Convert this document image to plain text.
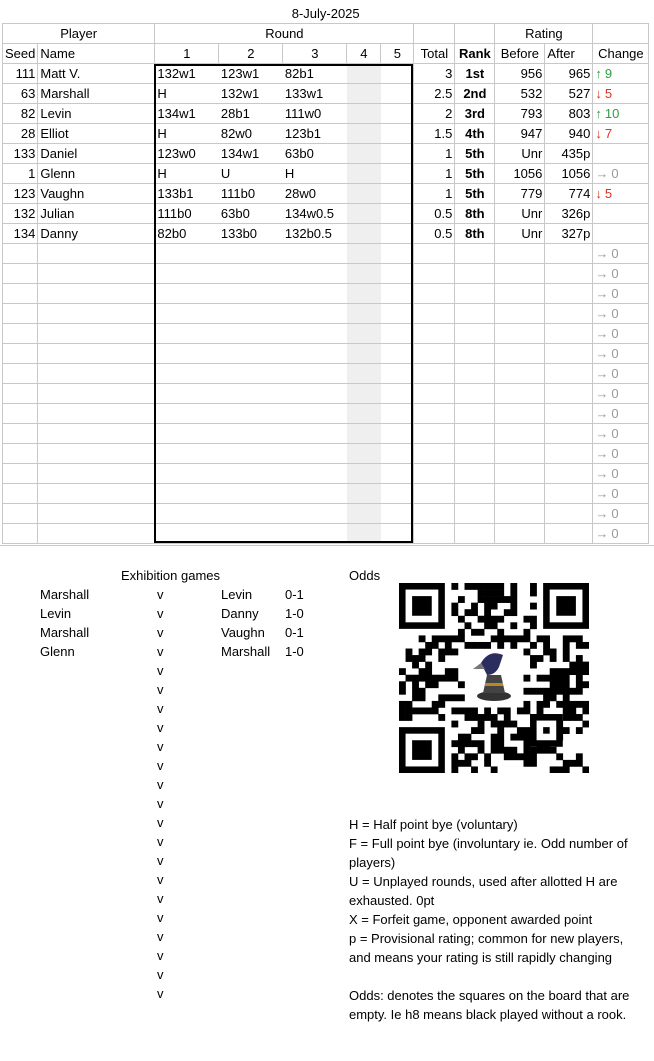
8-July-2025											
Player		Round							Rating		
Seed	Name	1	2	3	4	5	Total	Rank	Before	After	Change
111	Matt V.	132w1	123w1	82b1			3	1st	956	965	↑ 9
63	Marshall	H	132w1	133w1			2.5	2nd	532	527	↓ 5
82	Levin	134w1	28b1	111w0			2	3rd	793	803	↑ 10
28	Elliot	H	82w0	123b1			1.5	4th	947	940	↓ 7
133	Daniel	123w0	134w1	63b0			1	5th	Unr	435p	
1	Glenn	H	U	H			1	5th	1056	1056	→ 0
123	Vaughn	133b1	111b0	28w0			1	5th	779	774	↓ 5
132	Julian	111b0	63b0	134w0.5			0.5	8th	Unr	326p	
134	Danny	82b0	133b0	132b0.5			0.5	8th	Unr	327p	
											→ 0
											→ 0
											→ 0
											→ 0
											→ 0
											→ 0
											→ 0
											→ 0
											→ 0
											→ 0
											→ 0
											→ 0
											→ 0
											→ 0
											→ 0
Exhibition games	Odds
Marshall	v	Levin	0-1
Levin	v	Danny 1-0
Marshall	v	Vaughn 0-1
Glenn	v	Marshall 1-0
v
v
v
v
v
v
v
v
v
v
v
v
v
v
v
v
v
v

H = Half point bye (voluntary)

F = Full point bye (involuntary ie. Odd number of players)

U = Unplayed rounds, used after allotted H are exhausted. 0pt

X = Forfeit game, opponent awarded point

p = Provisional rating; common for new players, and means your rating is still rapidly changing

Odds: denotes the squares on the board that are empty. Ie h8 means black played without a rook.
